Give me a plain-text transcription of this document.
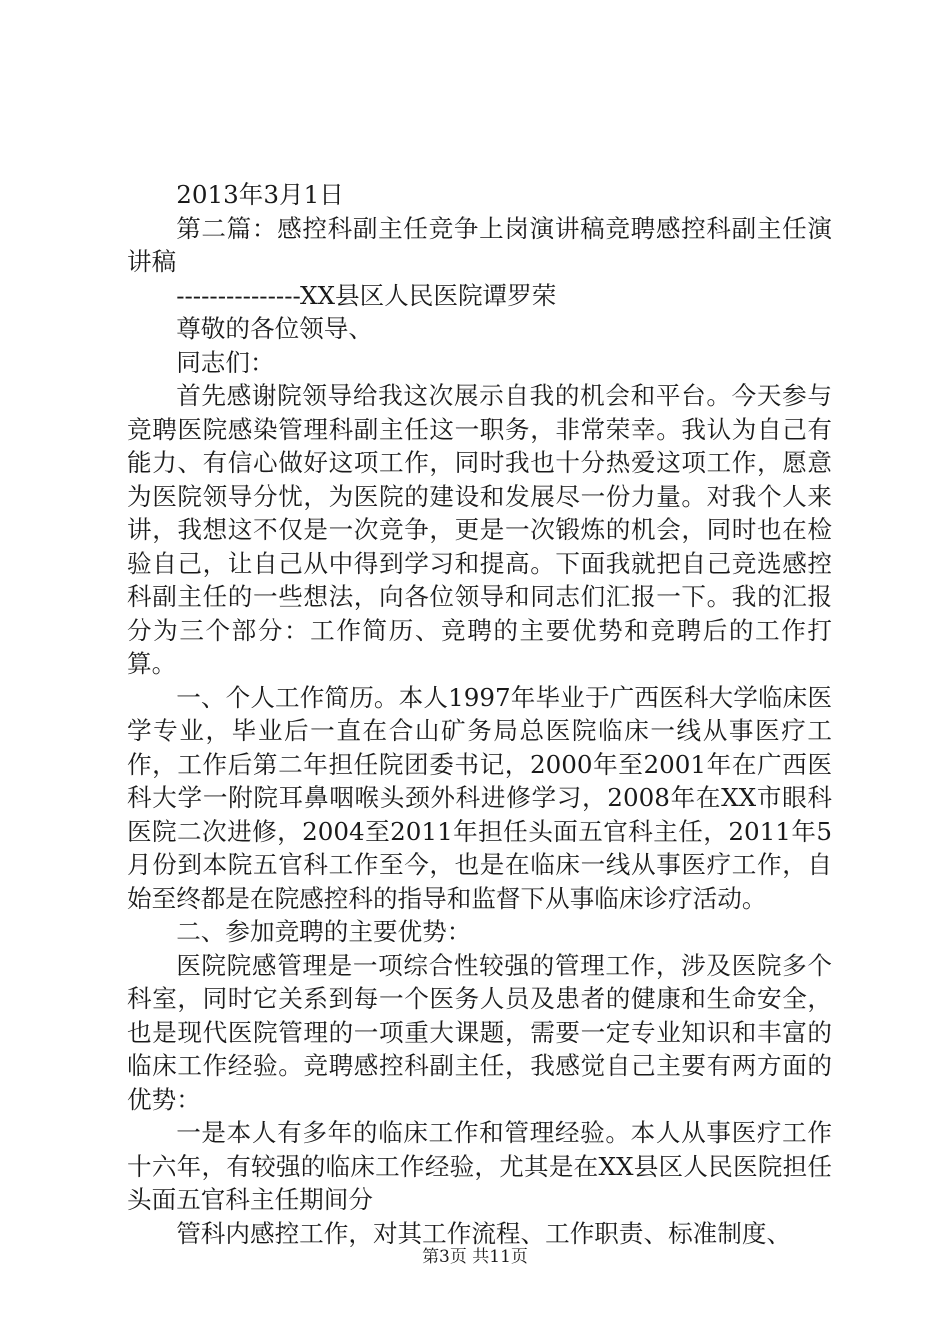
2013年3月1日

第二篇：感控科副主任竞争上岗演讲稿竞聘感控科副主任演讲稿

---------------XX县区人民医院谭罗荣

尊敬的各位领导、

同志们：

首先感谢院领导给我这次展示自我的机会和平台。今天参与竞聘医院感染管理科副主任这一职务，非常荣幸。我认为自己有能力、有信心做好这项工作，同时我也十分热爱这项工作，愿意为医院领导分忧，为医院的建设和发展尽一份力量。对我个人来讲，我想这不仅是一次竞争，更是一次锻炼的机会，同时也在检验自己，让自己从中得到学习和提高。下面我就把自己竞选感控科副主任的一些想法，向各位领导和同志们汇报一下。我的汇报分为三个部分：工作简历、竞聘的主要优势和竞聘后的工作打算。

一、个人工作简历。本人1997年毕业于广西医科大学临床医学专业，毕业后一直在合山矿务局总医院临床一线从事医疗工作，工作后第二年担任院团委书记，2000年至2001年在广西医科大学一附院耳鼻咽喉头颈外科进修学习，2008年在XX市眼科医院二次进修，2004至2011年担任头面五官科主任，2011年5月份到本院五官科工作至今，也是在临床一线从事医疗工作，自始至终都是在院感控科的指导和监督下从事临床诊疗活动。

二、参加竞聘的主要优势：

医院院感管理是一项综合性较强的管理工作，涉及医院多个科室，同时它关系到每一个医务人员及患者的健康和生命安全，也是现代医院管理的一项重大课题，需要一定专业知识和丰富的临床工作经验。竞聘感控科副主任，我感觉自己主要有两方面的优势：

一是本人有多年的临床工作和管理经验。本人从事医疗工作十六年，有较强的临床工作经验，尤其是在XX县区人民医院担任头面五官科主任期间分

管科内感控工作，对其工作流程、工作职责、标准制度、

第3页 共11页
